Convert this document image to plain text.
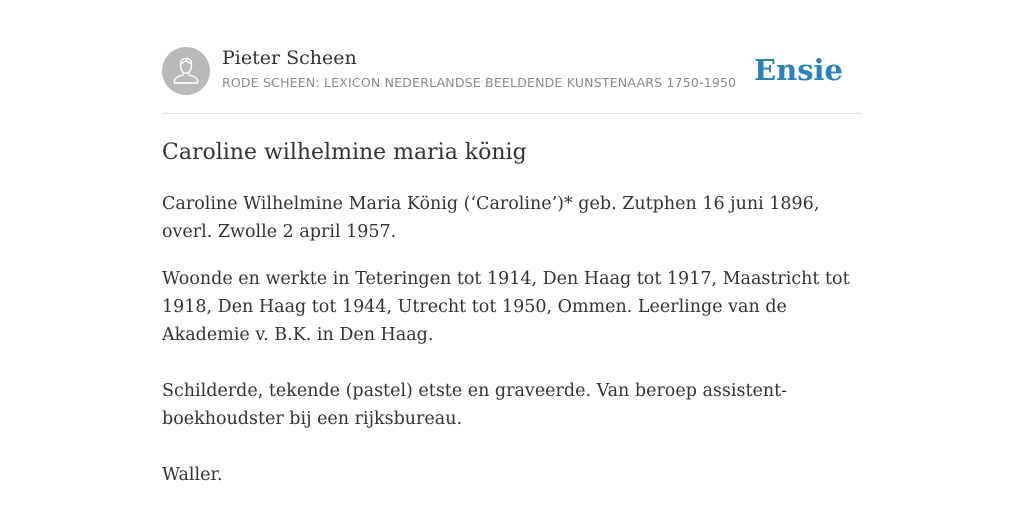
Pieter Scheen
RODE SCHEEN: LEXICON NEDERLANDSE BEELDENDE KUNSTENAARS 1750-1950 Ensie
Caroline wilhelmine maria könig

Caroline Wilhelmine Maria König (‘Caroline’)* geb. Zutphen 16 juni 1896, overl. Zwolle 2 april 1957.

Woonde en werkte in Teteringen tot 1914, Den Haag tot 1917, Maastricht tot 1918, Den Haag tot 1944, Utrecht tot 1950, Ommen. Leerlinge van de Akademie v. B.K. in Den Haag.

Schilderde, tekende (pastel) etste en graveerde. Van beroep assistent-boekhoudster bij een rijksbureau.

Waller.
